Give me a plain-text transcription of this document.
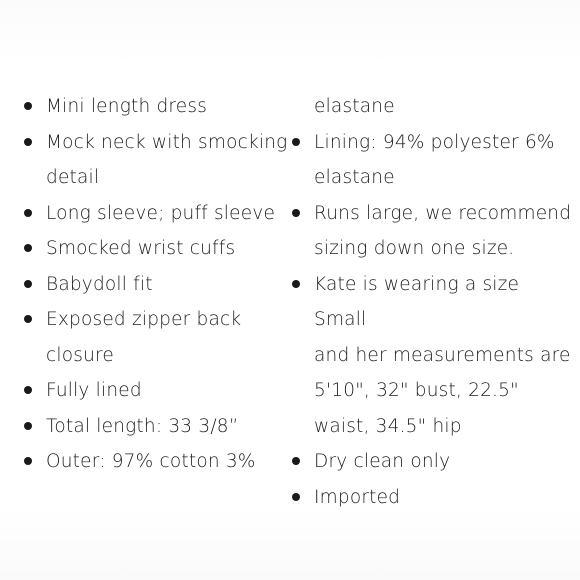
Mini length dress
Mock neck with smocking
detail
Long sleeve; puff sleeve
Smocked wrist cuffs
Babydoll fit
Exposed zipper back
closure
Fully lined
Total length: 33 3/8”
Outer: 97% cotton 3%
elastane
Lining: 94% polyester 6%
elastane
Runs large, we recommend
sizing down one size.
Kate is wearing a size Small
and her measurements are
5'10", 32" bust, 22.5"
waist, 34.5" hip
Dry clean only
Imported
